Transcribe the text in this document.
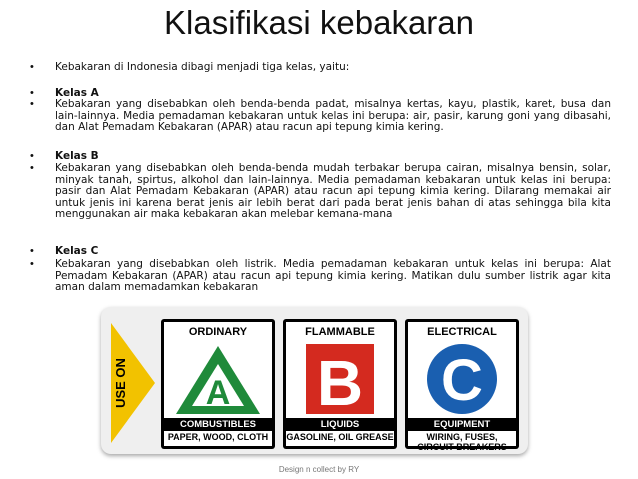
Klasifikasi kebakaran
•	Kebakaran di Indonesia dibagi menjadi tiga kelas, yaitu:
•	Kelas A
•	Kebakaran yang disebabkan oleh benda-benda padat, misalnya kertas, kayu, plastik, karet, busa dan lain-lainnya. Media pemadaman kebakaran untuk kelas ini berupa: air, pasir, karung goni yang dibasahi, dan Alat Pemadam Kebakaran (APAR) atau racun api tepung kimia kering.
•	Kelas B
•	Kebakaran yang disebabkan oleh benda-benda mudah terbakar berupa cairan, misalnya bensin, solar, minyak tanah, spirtus, alkohol dan lain-lainnya. Media pemadaman kebakaran untuk kelas ini berupa: pasir dan Alat Pemadam Kebakaran (APAR) atau racun api tepung kimia kering. Dilarang memakai air untuk jenis ini karena berat jenis air lebih berat dari pada berat jenis bahan di atas sehingga bila kita menggunakan air maka kebakaran akan melebar kemana-mana
•	Kelas C
•	Kebakaran yang disebabkan oleh listrik. Media pemadaman kebakaran untuk kelas ini berupa: Alat Pemadam Kebakaran (APAR) atau racun api tepung kimia kering. Matikan dulu sumber listrik agar kita aman dalam memadamkan kebakaran
USE ON
ORDINARY
A
COMBUSTIBLES
PAPER, WOOD, CLOTH
FLAMMABLE
B
LIQUIDS
GASOLINE, OIL GREASE
ELECTRICAL
C
EQUIPMENT
WIRING, FUSES, CIRCUIT BREAKERS
Design n collect by RY
